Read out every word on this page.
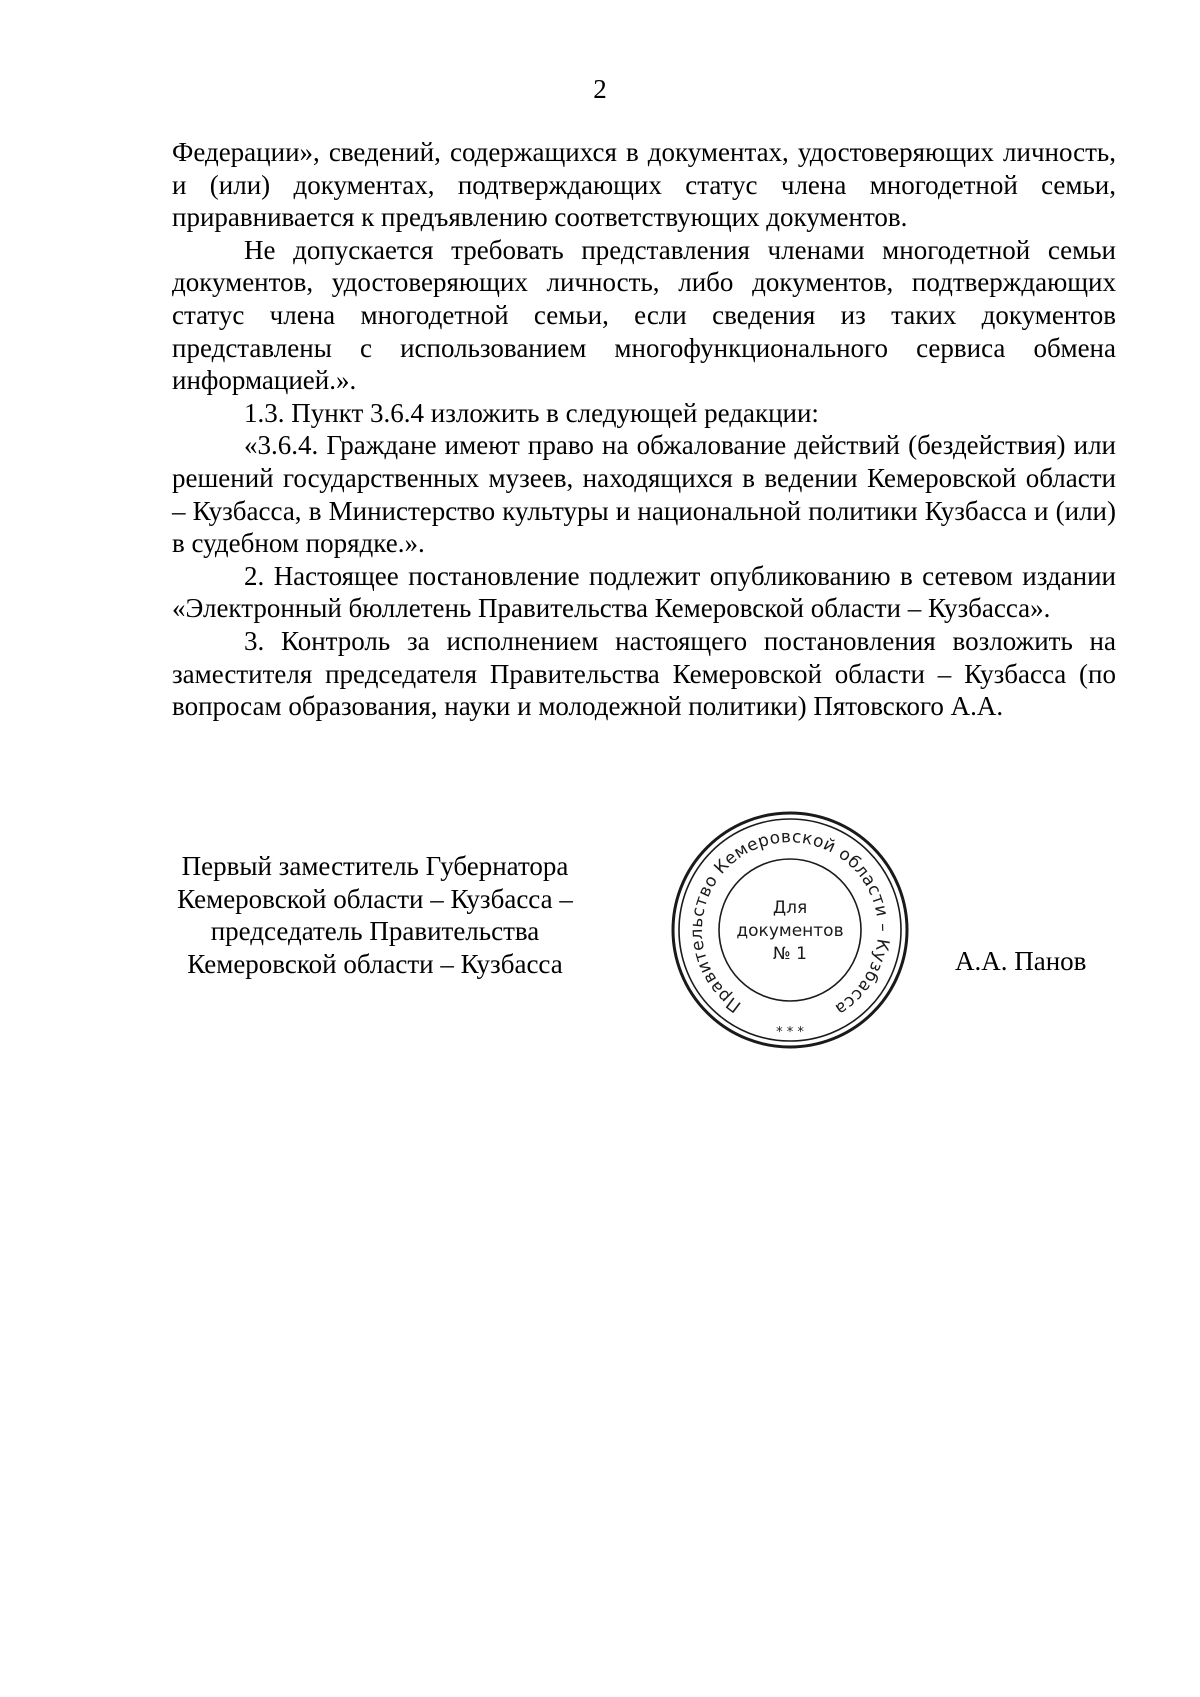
2

Федерации», сведений, содержащихся в документах, удостоверяющих личность, и (или) документах, подтверждающих статус члена многодетной семьи, приравнивается к предъявлению соответствующих документов.

Не допускается требовать представления членами многодетной семьи документов, удостоверяющих личность, либо документов, подтверждающих статус члена многодетной семьи, если сведения из таких документов представлены с использованием многофункционального сервиса обмена информацией.».

1.3. Пункт 3.6.4 изложить в следующей редакции:

«3.6.4. Граждане имеют право на обжалование действий (бездействия) или решений государственных музеев, находящихся в ведении Кемеровской области – Кузбасса, в Министерство культуры и национальной политики Кузбасса и (или) в судебном порядке.».

2. Настоящее постановление подлежит опубликованию в сетевом издании «Электронный бюллетень Правительства Кемеровской области – Кузбасса».

3. Контроль за исполнением настоящего постановления возложить на заместителя председателя Правительства Кемеровской области – Кузбасса (по вопросам образования, науки и молодежной политики) Пятовского А.А.

Первый заместитель Губернатора
Кемеровской области – Кузбасса –
председатель Правительства
Кемеровской области – Кузбасса	А.А. Панов
Правительство Кемеровской области – Кузбасса
* * *
Для
документов
№ 1
